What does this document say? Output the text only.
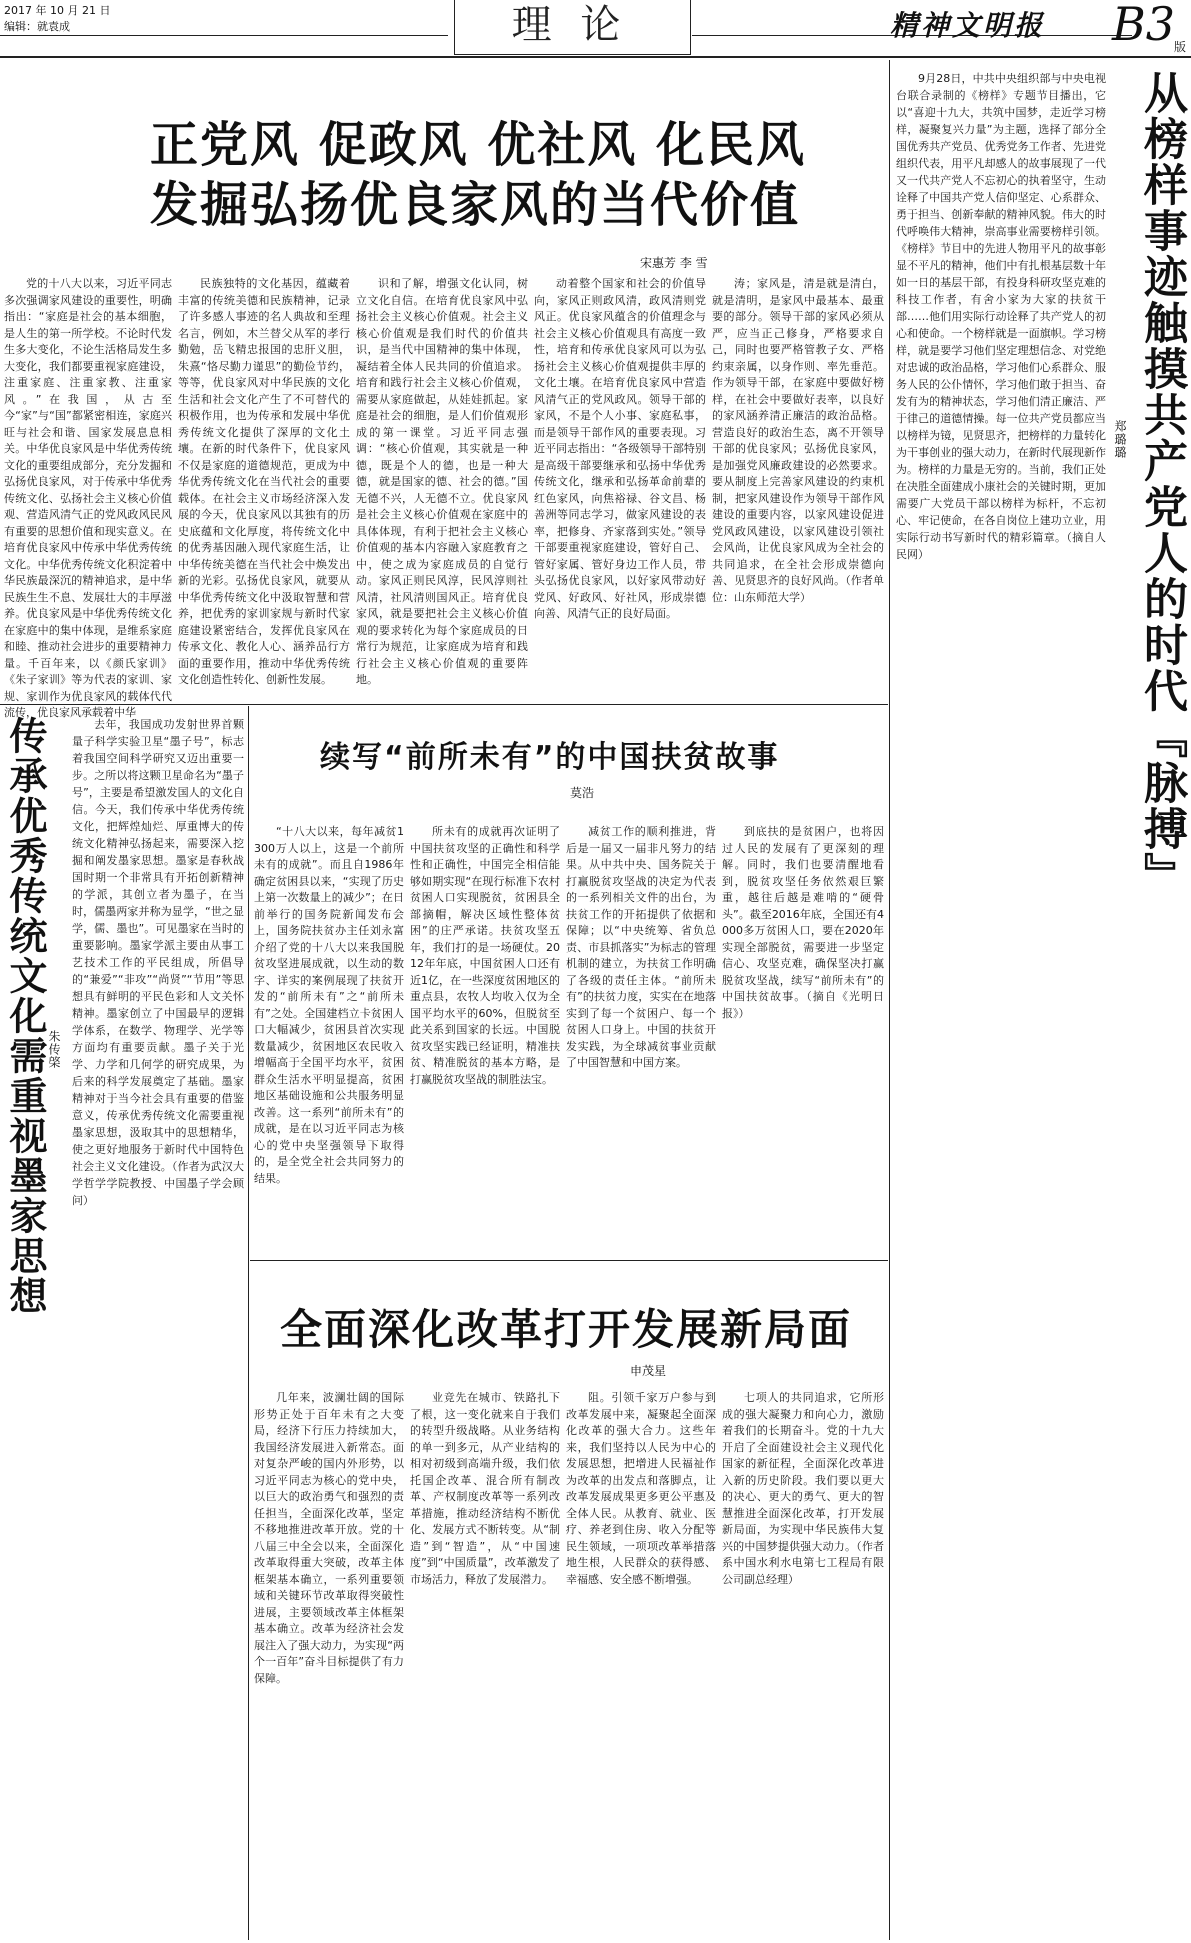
2017 年 10 月 21 日
编辑：就袁成	理 论	精神文明报	B3
版
正党风 促政风 优社风 化民风
发掘弘扬优良家风的当代价值
宋惠芳 李 雪

党的十八大以来，习近平同志多次强调家风建设的重要性，明确指出：“家庭是社会的基本细胞，是人生的第一所学校。不论时代发生多大变化，不论生活格局发生多大变化，我们都要重视家庭建设，注重家庭、注重家教、注重家风。”在我国，从古至今“家”与“国”都紧密相连，家庭兴旺与社会和谐、国家发展息息相关。中华优良家风是中华优秀传统文化的重要组成部分，充分发掘和弘扬优良家风，对于传承中华优秀传统文化、弘扬社会主义核心价值观、营造风清气正的党风政风民风有重要的思想价值和现实意义。在培育优良家风中传承中华优秀传统文化。中华优秀传统文化积淀着中华民族最深沉的精神追求，是中华民族生生不息、发展壮大的丰厚滋养。优良家风是中华优秀传统文化在家庭中的集中体现，是维系家庭和睦、推动社会进步的重要精神力量。千百年来，以《颜氏家训》《朱子家训》等为代表的家训、家规、家训作为优良家风的载体代代流传，优良家风承载着中华

民族独特的文化基因，蕴藏着丰富的传统美德和民族精神，记录了许多感人事迹的名人典故和至理名言，例如，木兰替父从军的孝行勤勉，岳飞精忠报国的忠肝义胆，朱熹“恪尽勤力谨思”的勤俭节约，等等，优良家风对中华民族的文化生活和社会文化产生了不可替代的积极作用，也为传承和发展中华优秀传统文化提供了深厚的文化土壤。在新的时代条件下，优良家风不仅是家庭的道德规范，更成为中华优秀传统文化在当代社会的重要载体。在社会主义市场经济深入发展的今天，优良家风以其独有的历史底蕴和文化厚度，将传统文化中的优秀基因融入现代家庭生活，让中华传统美德在当代社会中焕发出新的光彩。弘扬优良家风，就要从中华优秀传统文化中汲取智慧和营养，把优秀的家训家规与新时代家庭建设紧密结合，发挥优良家风在传承文化、教化人心、涵养品行方面的重要作用，推动中华优秀传统文化创造性转化、创新性发展。

识和了解，增强文化认同，树立文化自信。在培育优良家风中弘扬社会主义核心价值观。社会主义核心价值观是我们时代的价值共识，是当代中国精神的集中体现，凝结着全体人民共同的价值追求。培育和践行社会主义核心价值观，需要从家庭做起，从娃娃抓起。家庭是社会的细胞，是人们价值观形成的第一课堂。习近平同志强调：“核心价值观，其实就是一种德，既是个人的德，也是一种大德，就是国家的德、社会的德。”国无德不兴，人无德不立。优良家风是社会主义核心价值观在家庭中的具体体现，有利于把社会主义核心价值观的基本内容融入家庭教育之中，使之成为家庭成员的自觉行动。家风正则民风淳，民风淳则社风清，社风清则国风正。培育优良家风，就是要把社会主义核心价值观的要求转化为每个家庭成员的日常行为规范，让家庭成为培育和践行社会主义核心价值观的重要阵地。

动着整个国家和社会的价值导向，家风正则政风清，政风清则党风正。优良家风蕴含的价值理念与社会主义核心价值观具有高度一致性，培育和传承优良家风可以为弘扬社会主义核心价值观提供丰厚的文化土壤。在培育优良家风中营造风清气正的党风政风。领导干部的家风，不是个人小事、家庭私事，而是领导干部作风的重要表现。习近平同志指出：“各级领导干部特别是高级干部要继承和弘扬中华优秀传统文化，继承和弘扬革命前辈的红色家风，向焦裕禄、谷文昌、杨善洲等同志学习，做家风建设的表率，把修身、齐家落到实处。”领导干部要重视家庭建设，管好自己、管好家属、管好身边工作人员，带头弘扬优良家风，以好家风带动好党风、好政风、好社风，形成崇德向善、风清气正的良好局面。

涛；家风是，清是就是清白，就是清明，是家风中最基本、最重要的部分。领导干部的家风必须从严，应当正己修身，严格要求自己，同时也要严格管教子女、严格约束亲属，以身作则、率先垂范。作为领导干部，在家庭中要做好榜样，在社会中要做好表率，以良好的家风涵养清正廉洁的政治品格。营造良好的政治生态，离不开领导干部的优良家风；弘扬优良家风，是加强党风廉政建设的必然要求。要从制度上完善家风建设的约束机制，把家风建设作为领导干部作风建设的重要内容，以家风建设促进党风政风建设，以家风建设引领社会风尚，让优良家风成为全社会的共同追求，在全社会形成崇德向善、见贤思齐的良好风尚。（作者单位：山东师范大学）	从榜样事迹触摸共产党人的时代『脉搏』
郑璐璐

9月28日，中共中央组织部与中央电视台联合录制的《榜样》专题节目播出，它以“喜迎十九大，共筑中国梦，走近学习榜样，凝聚复兴力量”为主题，选择了部分全国优秀共产党员、优秀党务工作者、先进党组织代表，用平凡却感人的故事展现了一代又一代共产党人不忘初心的执着坚守，生动诠释了中国共产党人信仰坚定、心系群众、勇于担当、创新奉献的精神风貌。伟大的时代呼唤伟大精神，崇高事业需要榜样引领。《榜样》节目中的先进人物用平凡的故事彰显不平凡的精神，他们中有扎根基层数十年如一日的基层干部，有投身科研攻坚克难的科技工作者，有舍小家为大家的扶贫干部……他们用实际行动诠释了共产党人的初心和使命。一个榜样就是一面旗帜。学习榜样，就是要学习他们坚定理想信念、对党绝对忠诚的政治品格，学习他们心系群众、服务人民的公仆情怀，学习他们敢于担当、奋发有为的精神状态，学习他们清正廉洁、严于律己的道德情操。每一位共产党员都应当以榜样为镜，见贤思齐，把榜样的力量转化为干事创业的强大动力，在新时代展现新作为。榜样的力量是无穷的。当前，我们正处在决胜全面建成小康社会的关键时期，更加需要广大党员干部以榜样为标杆，不忘初心、牢记使命，在各自岗位上建功立业，用实际行动书写新时代的精彩篇章。（摘自人民网）

传承优秀传统文化需重视墨家思想 朱传棨

去年，我国成功发射世界首颗量子科学实验卫星“墨子号”，标志着我国空间科学研究又迈出重要一步。之所以将这颗卫星命名为“墨子号”，主要是希望激发国人的文化自信。今天，我们传承中华优秀传统文化，把辉煌灿烂、厚重博大的传统文化精神弘扬起来，需要深入挖掘和阐发墨家思想。墨家是春秋战国时期一个非常具有开拓创新精神的学派，其创立者为墨子，在当时，儒墨两家并称为显学，“世之显学，儒、墨也”。可见墨家在当时的重要影响。墨家学派主要由从事工艺技术工作的平民组成，所倡导的“兼爱”“非攻”“尚贤”“节用”等思想具有鲜明的平民色彩和人文关怀精神。墨家创立了中国最早的逻辑学体系，在数学、物理学、光学等方面均有重要贡献。墨子关于光学、力学和几何学的研究成果，为后来的科学发展奠定了基础。墨家精神对于当今社会具有重要的借鉴意义，传承优秀传统文化需要重视墨家思想，汲取其中的思想精华，使之更好地服务于新时代中国特色社会主义文化建设。（作者为武汉大学哲学学院教授、中国墨子学会顾问）

续写“前所未有”的中国扶贫故事
莫浩

“十八大以来，每年减贫1300万人以上，这是一个前所未有的成就”。而且自1986年确定贫困县以来，“实现了历史上第一次数量上的减少”；在日前举行的国务院新闻发布会上，国务院扶贫办主任刘永富介绍了党的十八大以来我国脱贫攻坚进展成就，以生动的数字、详实的案例展现了扶贫开发的“前所未有”之“前所未有”之处。全国建档立卡贫困人口大幅减少，贫困县首次实现数量减少，贫困地区农民收入增幅高于全国平均水平，贫困群众生活水平明显提高，贫困地区基础设施和公共服务明显改善。这一系列“前所未有”的成就，是在以习近平同志为核心的党中央坚强领导下取得的，是全党全社会共同努力的结果。

所未有的成就再次证明了中国扶贫攻坚的正确性和科学性和正确性，中国完全相信能够如期实现“在现行标准下农村贫困人口实现脱贫，贫困县全部摘帽，解决区域性整体贫困”的庄严承诺。扶贫攻坚五年，我们打的是一场硬仗。2012年年底，中国贫困人口还有近1亿，在一些深度贫困地区的重点县，农牧人均收入仅为全国平均水平的60%，但脱贫至此关系到国家的长远。中国脱贫攻坚实践已经证明，精准扶贫、精准脱贫的基本方略，是打赢脱贫攻坚战的制胜法宝。

减贫工作的顺利推进，背后是一届又一届非凡努力的结果。从中共中央、国务院关于打赢脱贫攻坚战的决定为代表的一系列相关文件的出台，为扶贫工作的开拓提供了依据和保障；以“中央统筹、省负总责、市县抓落实”为标志的管理机制的建立，为扶贫工作明确了各级的责任主体。“前所未有”的扶贫力度，实实在在地落实到了每一个贫困户、每一个贫困人口身上。中国的扶贫开发实践，为全球减贫事业贡献了中国智慧和中国方案。

到底扶的是贫困户，也将因过人民的发展有了更深刻的理解。同时，我们也要清醒地看到，脱贫攻坚任务依然艰巨繁重，越往后越是难啃的“硬骨头”。截至2016年底，全国还有4000多万贫困人口，要在2020年实现全部脱贫，需要进一步坚定信心、攻坚克难，确保坚决打赢脱贫攻坚战，续写“前所未有”的中国扶贫故事。（摘自《光明日报》）

全面深化改革打开发展新局面
申茂星

几年来，波澜壮阔的国际形势正处于百年未有之大变局，经济下行压力持续加大，我国经济发展进入新常态。面对复杂严峻的国内外形势，以习近平同志为核心的党中央，以巨大的政治勇气和强烈的责任担当，全面深化改革，坚定不移地推进改革开放。党的十八届三中全会以来，全面深化改革取得重大突破，改革主体框架基本确立，一系列重要领域和关键环节改革取得突破性进展，主要领域改革主体框架基本确立。改革为经济社会发展注入了强大动力，为实现“两个一百年”奋斗目标提供了有力保障。

业竞先在城市、铁路扎下了根，这一变化就来自于我们的转型升级战略。从业务结构的单一到多元，从产业结构的相对初级到高端升级，我们依托国企改革、混合所有制改革、产权制度改革等一系列改革措施，推动经济结构不断优化、发展方式不断转变。从“制造”到“智造”，从“中国速度”到“中国质量”，改革激发了市场活力，释放了发展潜力。

阻。引领千家万户参与到改革发展中来，凝聚起全面深化改革的强大合力。这些年来，我们坚持以人民为中心的发展思想，把增进人民福祉作为改革的出发点和落脚点，让改革发展成果更多更公平惠及全体人民。从教育、就业、医疗、养老到住房、收入分配等民生领域，一项项改革举措落地生根，人民群众的获得感、幸福感、安全感不断增强。

七项人的共同追求，它所形成的强大凝聚力和向心力，激励着我们的长期奋斗。党的十九大开启了全面建设社会主义现代化国家的新征程，全面深化改革进入新的历史阶段。我们要以更大的决心、更大的勇气、更大的智慧推进全面深化改革，打开发展新局面，为实现中华民族伟大复兴的中国梦提供强大动力。（作者系中国水利水电第七工程局有限公司副总经理）
